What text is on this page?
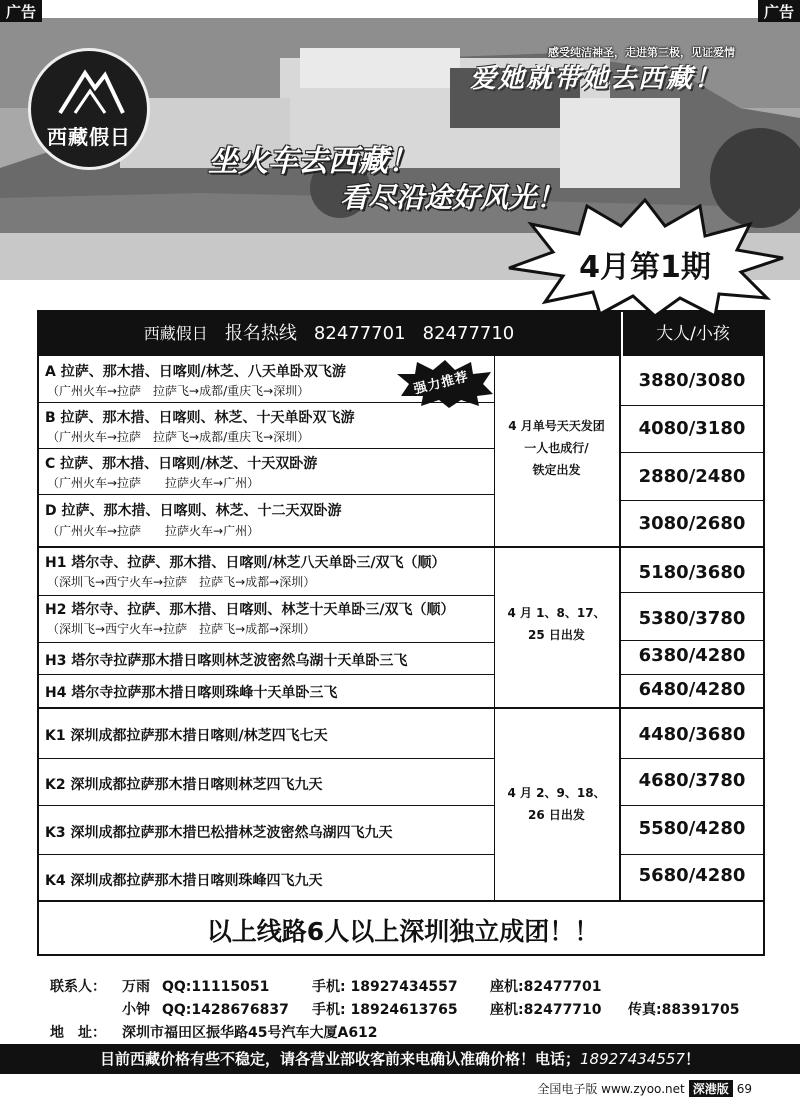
广告	广告
西藏假日
感受纯洁神圣，走进第三极，见证爱情
爱她就带她去西藏！
坐火车去西藏！
看尽沿途好风光！
4月第1期
西藏假日 报名热线 82477701 82477710	大人/小孩
A 拉萨、那木措、日喀则/林芝、八天单卧双飞游
（广州火车→拉萨　拉萨飞→成都/重庆飞→深圳）	3880/3080
B 拉萨、那木措、日喀则、林芝、十天单卧双飞游
（广州火车→拉萨　拉萨飞→成都/重庆飞→深圳）	4080/3180
C 拉萨、那木措、日喀则/林芝、十天双卧游
（广州火车→拉萨　　拉萨火车→广州）	2880/2480
D 拉萨、那木措、日喀则、林芝、十二天双卧游
（广州火车→拉萨　　拉萨火车→广州）	3080/2680
4 月单号天天发团
一人也成行/
铁定出发
H1 塔尔寺、拉萨、那木措、日喀则/林芝八天单卧三/双飞（顺）
（深圳飞→西宁火车→拉萨　拉萨飞→成都→深圳）	5180/3680
H2 塔尔寺、拉萨、那木措、日喀则、林芝十天单卧三/双飞（顺）
（深圳飞→西宁火车→拉萨　拉萨飞→成都→深圳）	5380/3780
H3 塔尔寺拉萨那木措日喀则林芝波密然乌湖十天单卧三飞	6380/4280
H4 塔尔寺拉萨那木措日喀则珠峰十天单卧三飞	6480/4280
4 月 1、8、17、
25 日出发
K1 深圳成都拉萨那木措日喀则/林芝四飞七天	4480/3680
K2 深圳成都拉萨那木措日喀则林芝四飞九天	4680/3780
K3 深圳成都拉萨那木措巴松措林芝波密然乌湖四飞九天	5580/4280
K4 深圳成都拉萨那木措日喀则珠峰四飞九天	5680/4280
4 月 2、9、18、
26 日出发
以上线路6人以上深圳独立成团！！
强力推荐
联系人： 万雨 QQ:11115051	手机: 18927434557 座机:82477701
小钟 QQ:1428676837 手机: 18924613765 座机:82477710 传真:88391705
地　址： 深圳市福田区振华路45号汽车大厦A612
目前西藏价格有些不稳定，请各营业部收客前来电确认准确价格！电话；18927434557！
全国电子版 www.zyoo.net 深港版 69
